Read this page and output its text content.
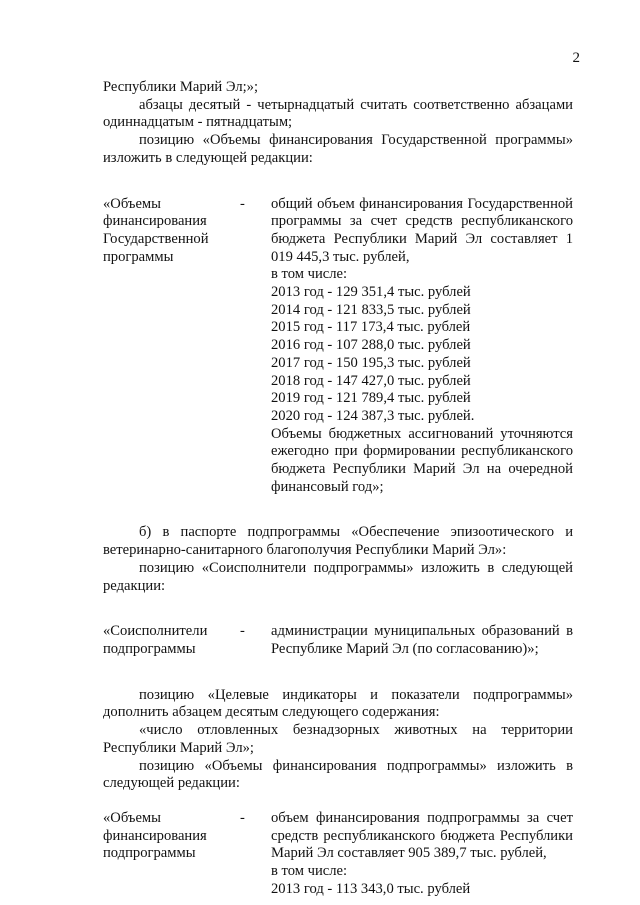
2

Республики Марий Эл;»;

абзацы десятый - четырнадцатый считать соответственно абзацами одиннадцатым - пятнадцатым;

позицию «Объемы финансирования Государственной программы» изложить в следующей редакции:

«Объемы
финансирования
Государственной
программы
-	общий объем финансирования Государственной программы за счет средств республиканского бюджета Республики Марий Эл составляет 1 019 445,3 тыс. рублей,

в том числе:

2013 год - 129 351,4 тыс. рублей

2014 год - 121 833,5 тыс. рублей

2015 год - 117 173,4 тыс. рублей

2016 год - 107 288,0 тыс. рублей

2017 год - 150 195,3 тыс. рублей

2018 год - 147 427,0 тыс. рублей

2019 год - 121 789,4 тыс. рублей

2020 год - 124 387,3 тыс. рублей.

Объемы бюджетных ассигнований уточняются ежегодно при формировании республиканского бюджета Республики Марий Эл на очередной финансовый год»;

б) в паспорте подпрограммы «Обеспечение эпизоотического и ветеринарно-санитарного благополучия Республики Марий Эл»:

позицию «Соисполнители подпрограммы» изложить в следующей редакции:

«Соисполнители
подпрограммы
-	администрации муниципальных образований в Республике Марий Эл (по согласованию)»;

позицию «Целевые индикаторы и показатели подпрограммы» дополнить абзацем десятым следующего содержания:

«число отловленных безнадзорных животных на территории Республики Марий Эл»;

позицию «Объемы финансирования подпрограммы» изложить в следующей редакции:

«Объемы
финансирования
подпрограммы
-	объем финансирования подпрограммы за счет средств республиканского бюджета Республики Марий Эл составляет 905 389,7 тыс. рублей,

в том числе:

2013 год - 113 343,0 тыс. рублей
